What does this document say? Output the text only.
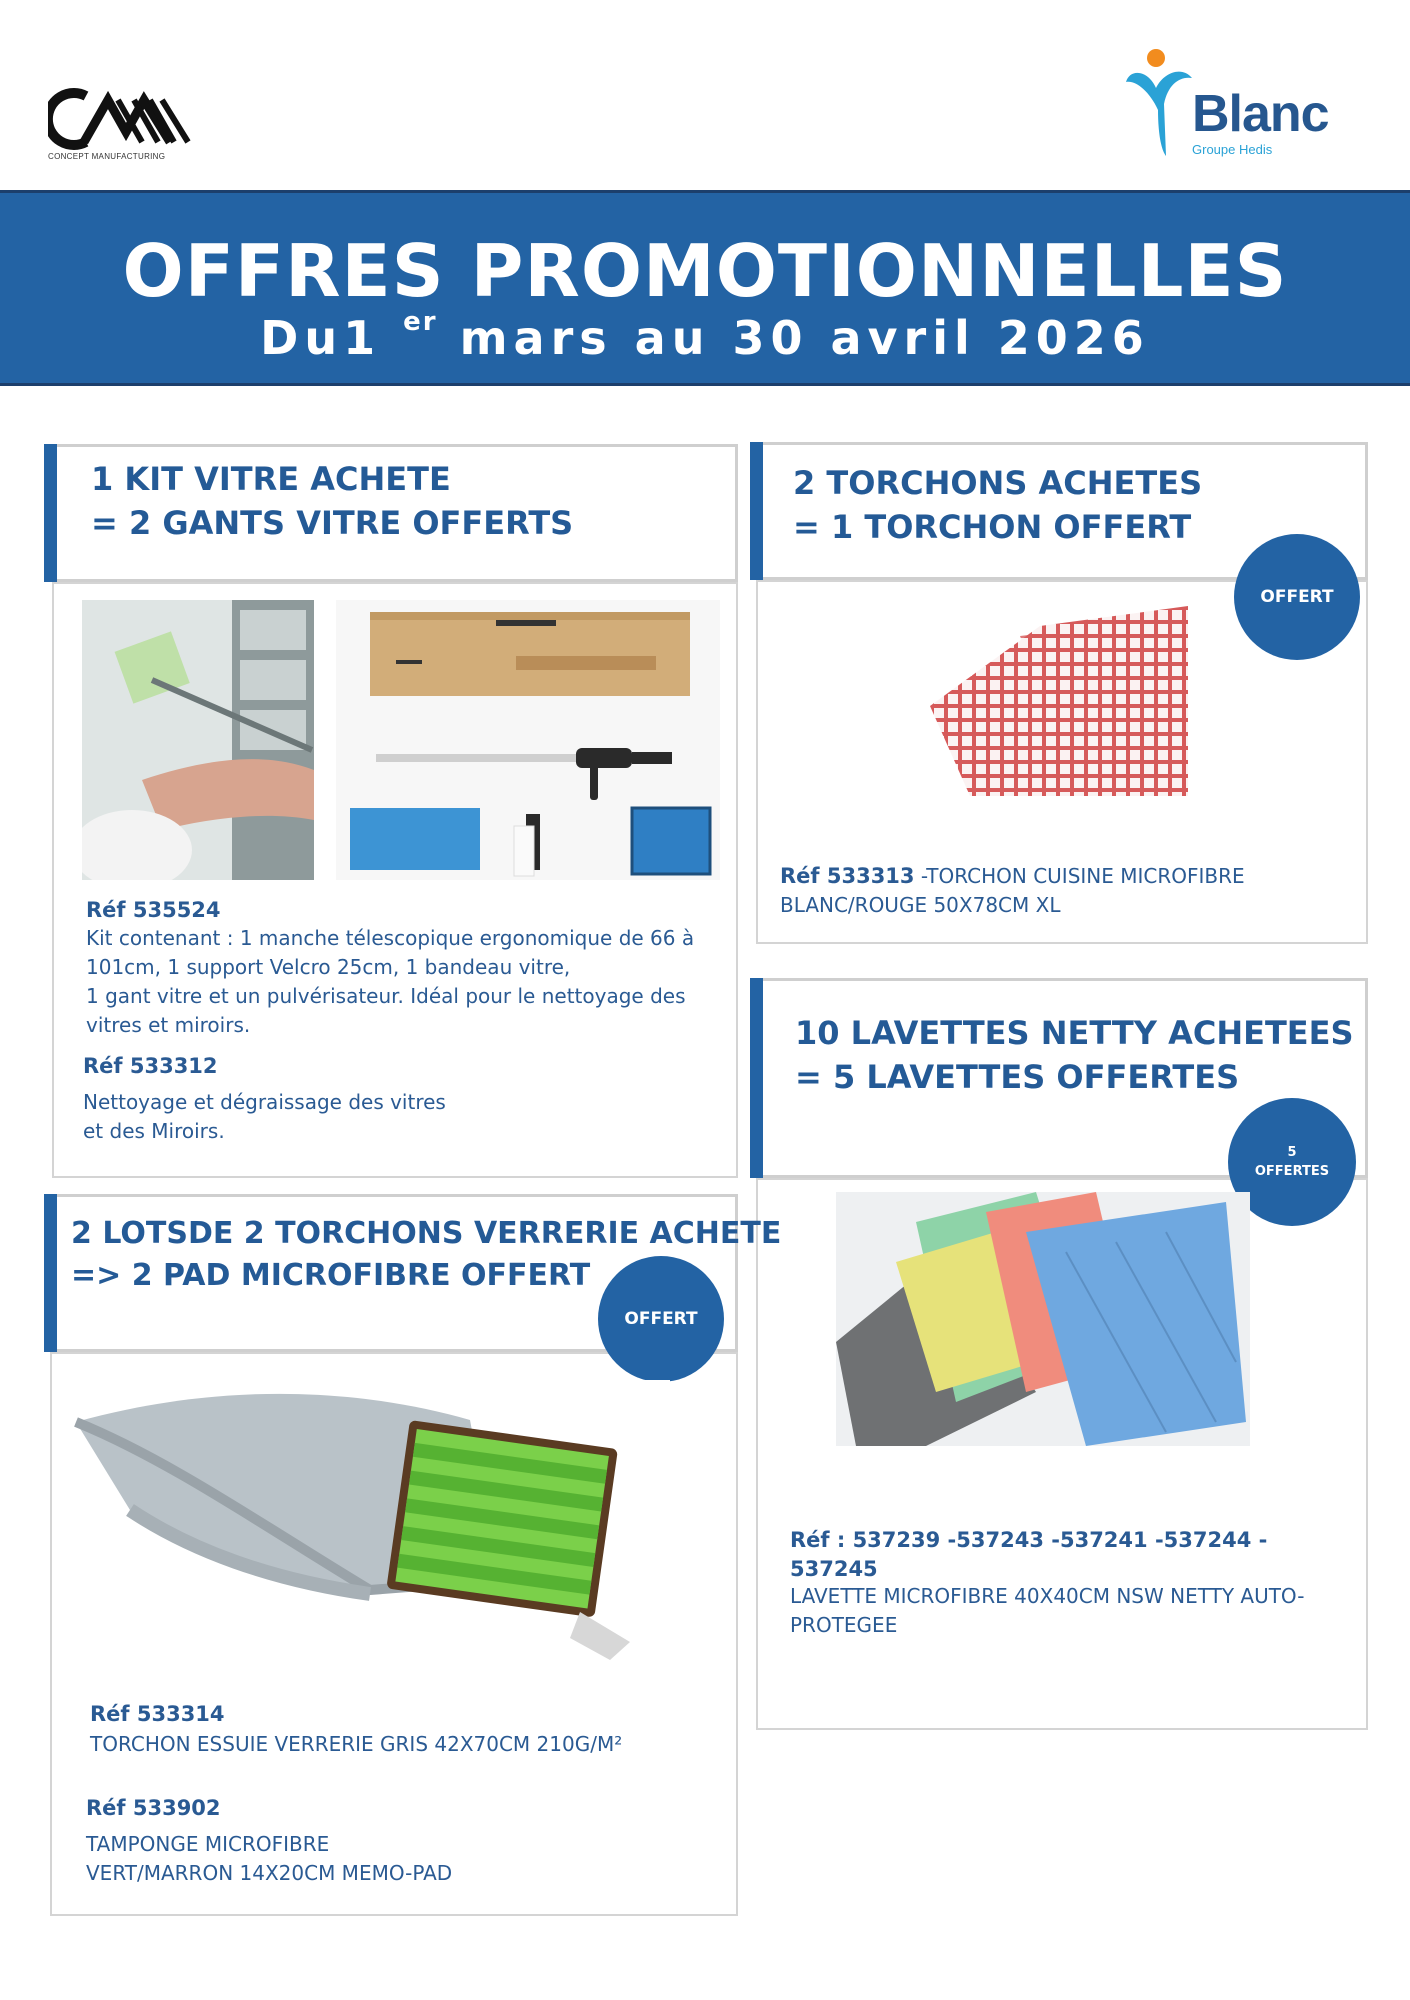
CONCEPT MANUFACTURING
Blanc
Groupe Hedis
OFFRES PROMOTIONNELLES
Du1 $^{er}$ mars au 30 avril 2026
1 KIT VITRE ACHETE
= 2 GANTS VITRE OFFERTS
Réf 535524
Kit contenant : 1 manche télescopique ergonomique de 66 à
101cm, 1 support Velcro 25cm, 1 bandeau vitre,
1 gant vitre et un pulvérisateur. Idéal pour le nettoyage des
vitres et miroirs.
Réf 533312
Nettoyage et dégraissage des vitres
et des Miroirs.
2 TORCHONS ACHETES
= 1 TORCHON OFFERT
OFFERT
Réf 533313 -TORCHON CUISINE MICROFIBRE
BLANC/ROUGE 50X78CM XL
10 LAVETTES NETTY ACHETEES
= 5 LAVETTES OFFERTES
5
OFFERTES
Réf : 537239 -537243 -537241 -537244 -
537245
LAVETTE MICROFIBRE 40X40CM NSW NETTY AUTO-
PROTEGEE
2 LOTSDE 2 TORCHONS VERRERIE ACHETE
=> 2 PAD MICROFIBRE OFFERT
OFFERT
Réf 533314
TORCHON ESSUIE VERRERIE GRIS 42X70CM 210G/M²
Réf 533902
TAMPONGE MICROFIBRE
VERT/MARRON 14X20CM MEMO-PAD
